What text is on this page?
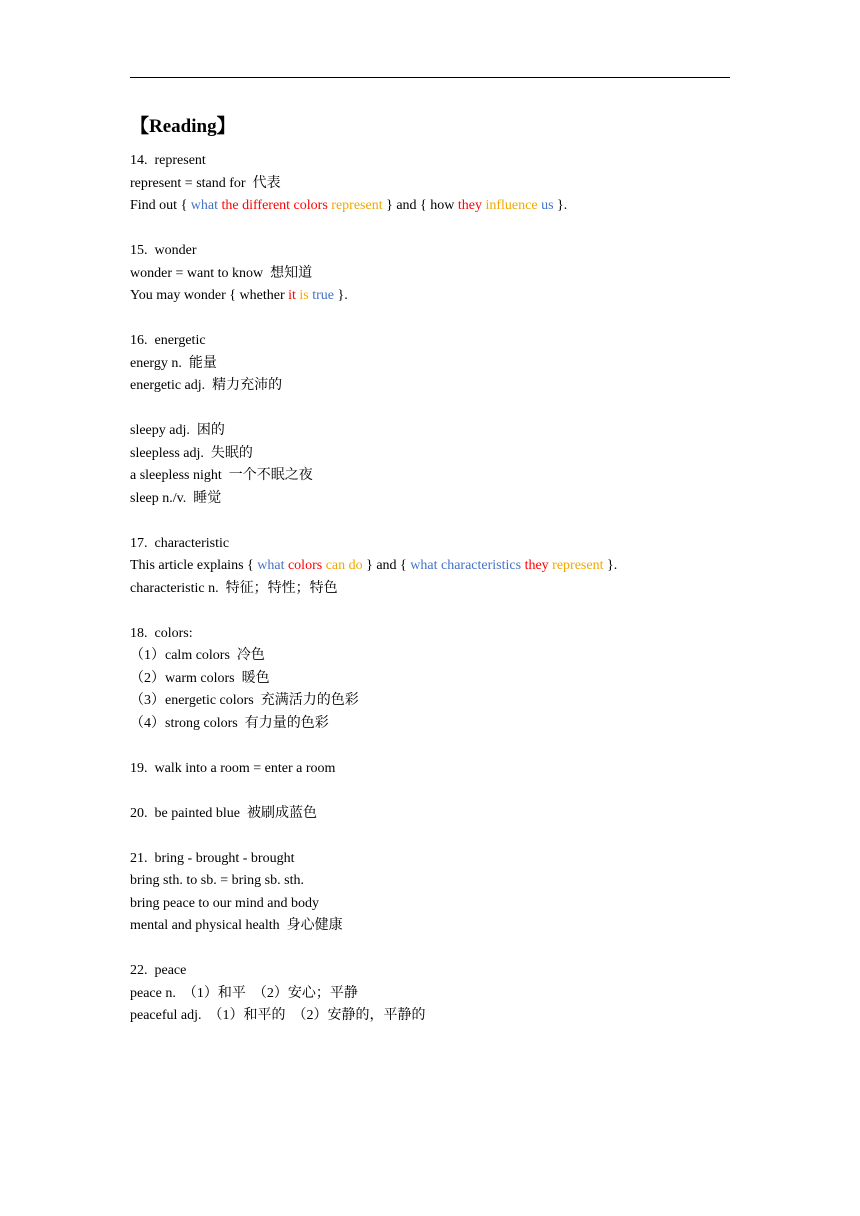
【Reading】
14.  represent
represent = stand for  代表
Find out { what the different colors represent } and { how they influence us }.
15.  wonder
wonder = want to know  想知道
You may wonder { whether it is true }.
16.  energetic
energy n.  能量
energetic adj.  精力充沛的
sleepy adj.  困的
sleepless adj.  失眠的
a sleepless night  一个不眠之夜
sleep n./v.  睡觉
17.  characteristic
This article explains { what colors can do } and { what characteristics they represent }.
characteristic n.  特征；特性；特色
18.  colors:
（1）calm colors  冷色
（2）warm colors  暖色
（3）energetic colors  充满活力的色彩
（4）strong colors  有力量的色彩
19.  walk into a room = enter a room
20.  be painted blue  被刷成蓝色
21.  bring - brought - brought
bring sth. to sb. = bring sb. sth.
bring peace to our mind and body
mental and physical health  身心健康
22.  peace
peace n.  （1）和平  （2）安心；平静
peaceful adj.  （1）和平的  （2）安静的，平静的
